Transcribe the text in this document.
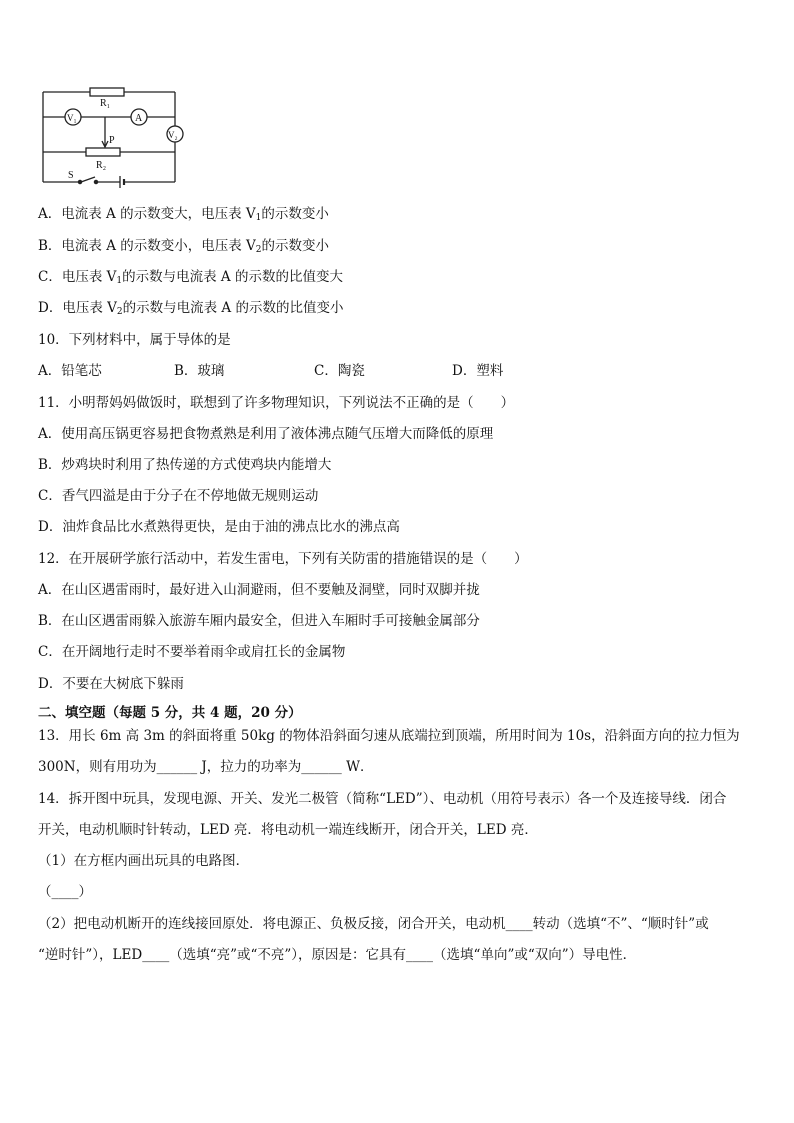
R₁
V₁	A
V₂
P
R₂
S
A．电流表 A 的示数变大，电压表 $V_1$的示数变小
B．电流表 A 的示数变小，电压表 $V_2$的示数变小
C．电压表 $V_1$的示数与电流表 A 的示数的比值变大
D．电压表 $V_2$的示数与电流表 A 的示数的比值变小
10．下列材料中，属于导体的是
A．铅笔芯	B．玻璃	C．陶瓷	D．塑料
11．小明帮妈妈做饭时，联想到了许多物理知识，下列说法不正确的是（　　）
A．使用高压锅更容易把食物煮熟是利用了液体沸点随气压增大而降低的原理
B．炒鸡块时利用了热传递的方式使鸡块内能增大
C．香气四溢是由于分子在不停地做无规则运动
D．油炸食品比水煮熟得更快，是由于油的沸点比水的沸点高
12．在开展研学旅行活动中，若发生雷电，下列有关防雷的措施错误的是（　　）
A．在山区遇雷雨时，最好进入山洞避雨，但不要触及洞壁，同时双脚并拢
B．在山区遇雷雨躲入旅游车厢内最安全，但进入车厢时手可接触金属部分
C．在开阔地行走时不要举着雨伞或肩扛长的金属物
D．不要在大树底下躲雨
二、填空题（每题 5 分，共 4 题，20 分）
13．用长 6m 高 3m 的斜面将重 50kg 的物体沿斜面匀速从底端拉到顶端，所用时间为 10s，沿斜面方向的拉力恒为
300N，则有用功为______ J，拉力的功率为______ W．
14．拆开图中玩具，发现电源、开关、发光二极管（简称“LED”）、电动机（用符号表示）各一个及连接导线．闭合
开关，电动机顺时针转动，LED 亮．将电动机一端连线断开，闭合开关，LED 亮．
（1）在方框内画出玩具的电路图．
（____）
（2）把电动机断开的连线接回原处．将电源正、负极反接，闭合开关，电动机____转动（选填“不”、“顺时针”或
“逆时针”），LED____（选填“亮”或“不亮”），原因是：它具有____（选填“单向”或“双向”）导电性．
